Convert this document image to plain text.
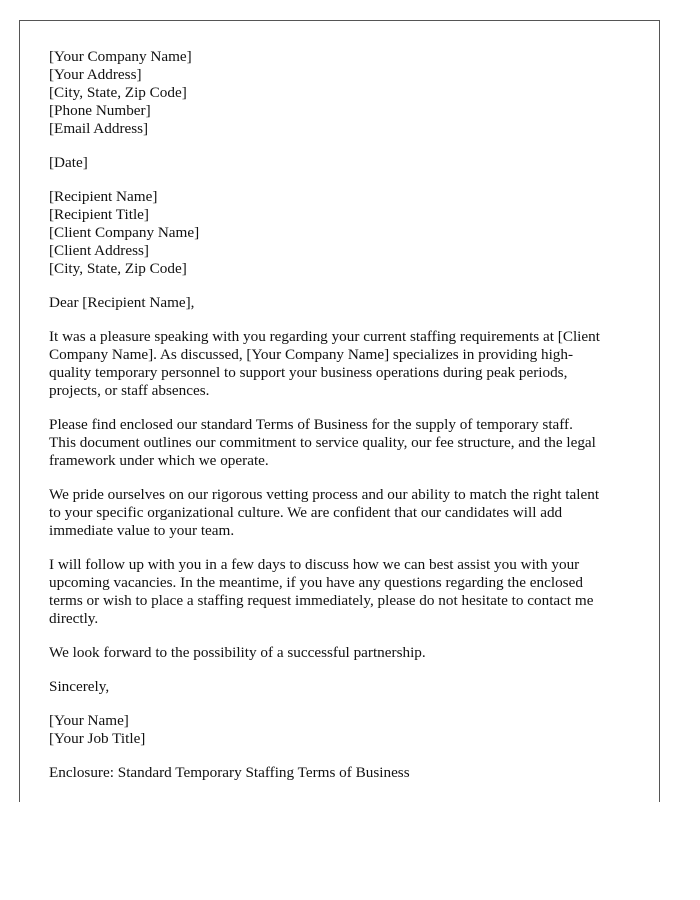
[Your Company Name]
[Your Address]
[City, State, Zip Code]
[Phone Number]
[Email Address]
[Date]
[Recipient Name]
[Recipient Title]
[Client Company Name]
[Client Address]
[City, State, Zip Code]

Dear [Recipient Name],

It was a pleasure speaking with you regarding your current staffing requirements at [Client
Company Name]. As discussed, [Your Company Name] specializes in providing high-
quality temporary personnel to support your business operations during peak periods,
projects, or staff absences.

Please find enclosed our standard Terms of Business for the supply of temporary staff.
This document outlines our commitment to service quality, our fee structure, and the legal
framework under which we operate.

We pride ourselves on our rigorous vetting process and our ability to match the right talent
to your specific organizational culture. We are confident that our candidates will add
immediate value to your team.

I will follow up with you in a few days to discuss how we can best assist you with your
upcoming vacancies. In the meantime, if you have any questions regarding the enclosed
terms or wish to place a staffing request immediately, please do not hesitate to contact me
directly.

We look forward to the possibility of a successful partnership.

Sincerely,

[Your Name]
[Your Job Title]

Enclosure: Standard Temporary Staffing Terms of Business
